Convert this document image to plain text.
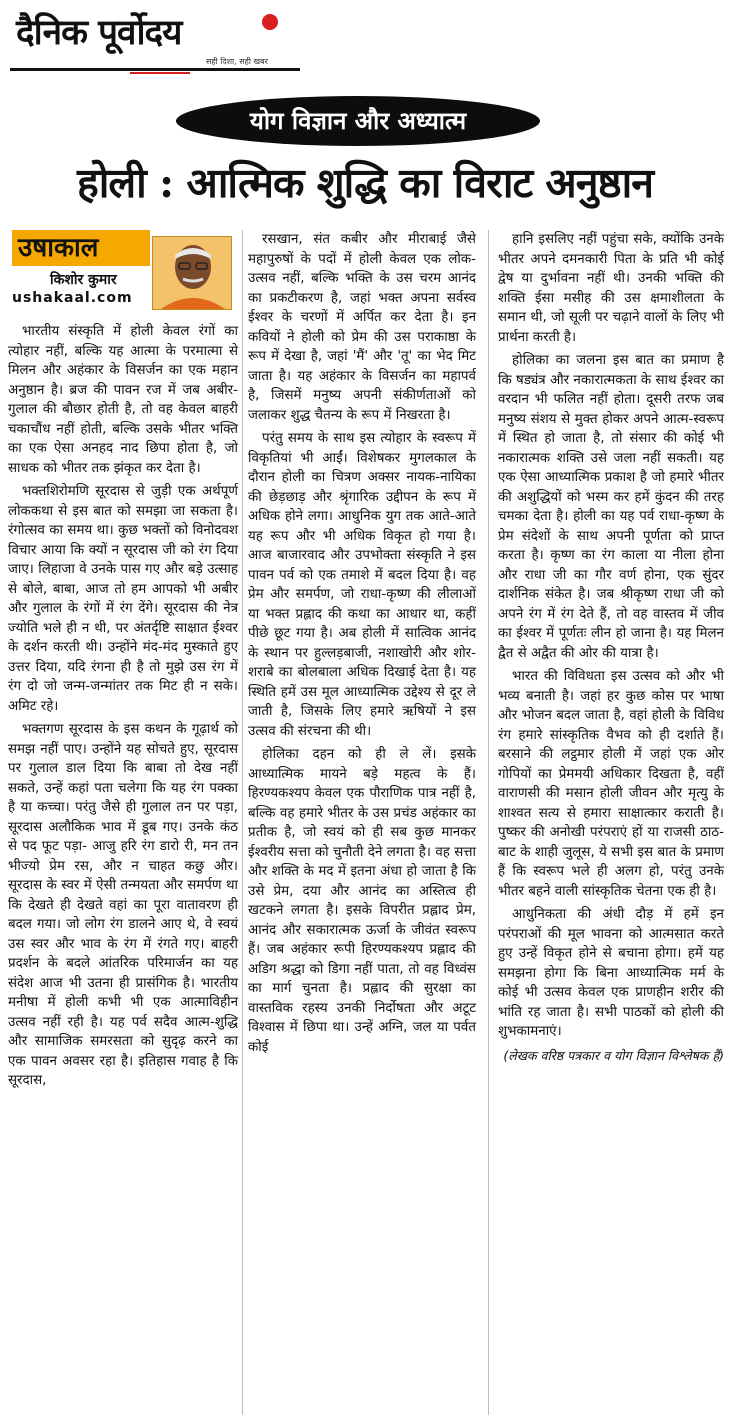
दैनिक पूर्वोदय
सही दिशा, सही खबर
योग विज्ञान और अध्यात्म
होली : आत्मिक शुद्धि का विराट अनुष्ठान
उषाकाल
किशोर कुमार
ushakaal.com

भारतीय संस्कृति में होली केवल रंगों का त्योहार नहीं, बल्कि यह आत्मा के परमात्मा से मिलन और अहंकार के विसर्जन का एक महान अनुष्ठान है। ब्रज की पावन रज में जब अबीर-गुलाल की बौछार होती है, तो वह केवल बाहरी चकाचौंध नहीं होती, बल्कि उसके भीतर भक्ति का एक ऐसा अनहद नाद छिपा होता है, जो साधक को भीतर तक झंकृत कर देता है।

भक्तशिरोमणि सूरदास से जुड़ी एक अर्थपूर्ण लोककथा से इस बात को समझा जा सकता है। रंगोत्सव का समय था। कुछ भक्तों को विनोदवश विचार आया कि क्यों न सूरदास जी को रंग दिया जाए। लिहाजा वे उनके पास गए और बड़े उत्साह से बोले, बाबा, आज तो हम आपको भी अबीर और गुलाल के रंगों में रंग देंगे। सूरदास की नेत्र ज्योति भले ही न थी, पर अंतर्दृष्टि साक्षात ईश्वर के दर्शन करती थी। उन्होंने मंद-मंद मुस्काते हुए उत्तर दिया, यदि रंगना ही है तो मुझे उस रंग में रंग दो जो जन्म-जन्मांतर तक मिट ही न सके। अमिट रहे।

भक्तगण सूरदास के इस कथन के गूढ़ार्थ को समझ नहीं पाए। उन्होंने यह सोचते हुए, सूरदास पर गुलाल डाल दिया कि बाबा तो देख नहीं सकते, उन्हें कहां पता चलेगा कि यह रंग पक्का है या कच्चा। परंतु जैसे ही गुलाल तन पर पड़ा, सूरदास अलौकिक भाव में डूब गए। उनके कंठ से पद फूट पड़ा- आजु हरि रंग डारो री, मन तन भीज्यो प्रेम रस, और न चाहत कछु और। सूरदास के स्वर में ऐसी तन्मयता और समर्पण था कि देखते ही देखते वहां का पूरा वातावरण ही बदल गया। जो लोग रंग डालने आए थे, वे स्वयं उस स्वर और भाव के रंग में रंगते गए। बाहरी प्रदर्शन के बदले आंतरिक परिमार्जन का यह संदेश आज भी उतना ही प्रासंगिक है। भारतीय मनीषा में होली कभी भी एक आत्माविहीन उत्सव नहीं रही है। यह पर्व सदैव आत्म-शुद्धि और सामाजिक समरसता को सुदृढ़ करने का एक पावन अवसर रहा है। इतिहास गवाह है कि सूरदास,

रसखान, संत कबीर और मीराबाई जैसे महापुरुषों के पदों में होली केवल एक लोक-उत्सव नहीं, बल्कि भक्ति के उस चरम आनंद का प्रकटीकरण है, जहां भक्त अपना सर्वस्व ईश्वर के चरणों में अर्पित कर देता है। इन कवियों ने होली को प्रेम की उस पराकाष्ठा के रूप में देखा है, जहां 'मैं' और 'तू' का भेद मिट जाता है। यह अहंकार के विसर्जन का महापर्व है, जिसमें मनुष्य अपनी संकीर्णताओं को जलाकर शुद्ध चैतन्य के रूप में निखरता है।

परंतु समय के साथ इस त्योहार के स्वरूप में विकृतियां भी आईं। विशेषकर मुगलकाल के दौरान होली का चित्रण अक्सर नायक-नायिका की छेड़छाड़ और श्रृंगारिक उद्दीपन के रूप में अधिक होने लगा। आधुनिक युग तक आते-आते यह रूप और भी अधिक विकृत हो गया है। आज बाजारवाद और उपभोक्ता संस्कृति ने इस पावन पर्व को एक तमाशे में बदल दिया है। वह प्रेम और समर्पण, जो राधा-कृष्ण की लीलाओं या भक्त प्रह्लाद की कथा का आधार था, कहीं पीछे छूट गया है। अब होली में सात्विक आनंद के स्थान पर हुल्लड़बाजी, नशाखोरी और शोर-शराबे का बोलबाला अधिक दिखाई देता है। यह स्थिति हमें उस मूल आध्यात्मिक उद्देश्य से दूर ले जाती है, जिसके लिए हमारे ऋषियों ने इस उत्सव की संरचना की थी।

होलिका दहन को ही ले लें। इसके आध्यात्मिक मायने बड़े महत्व के हैं। हिरण्यकश्यप केवल एक पौराणिक पात्र नहीं है, बल्कि वह हमारे भीतर के उस प्रचंड अहंकार का प्रतीक है, जो स्वयं को ही सब कुछ मानकर ईश्वरीय सत्ता को चुनौती देने लगता है। वह सत्ता और शक्ति के मद में इतना अंधा हो जाता है कि उसे प्रेम, दया और आनंद का अस्तित्व ही खटकने लगता है। इसके विपरीत प्रह्लाद प्रेम, आनंद और सकारात्मक ऊर्जा के जीवंत स्वरूप हैं। जब अहंकार रूपी हिरण्यकश्यप प्रह्लाद की अडिग श्रद्धा को डिगा नहीं पाता, तो वह विध्वंस का मार्ग चुनता है। प्रह्लाद की सुरक्षा का वास्तविक रहस्य उनकी निर्दोषता और अटूट विश्वास में छिपा था। उन्हें अग्नि, जल या पर्वत कोई

हानि इसलिए नहीं पहुंचा सके, क्योंकि उनके भीतर अपने दमनकारी पिता के प्रति भी कोई द्वेष या दुर्भावना नहीं थी। उनकी भक्ति की शक्ति ईसा मसीह की उस क्षमाशीलता के समान थी, जो सूली पर चढ़ाने वालों के लिए भी प्रार्थना करती है।

होलिका का जलना इस बात का प्रमाण है कि षड्यंत्र और नकारात्मकता के साथ ईश्वर का वरदान भी फलित नहीं होता। दूसरी तरफ जब मनुष्य संशय से मुक्त होकर अपने आत्म-स्वरूप में स्थित हो जाता है, तो संसार की कोई भी नकारात्मक शक्ति उसे जला नहीं सकती। यह एक ऐसा आध्यात्मिक प्रकाश है जो हमारे भीतर की अशुद्धियों को भस्म कर हमें कुंदन की तरह चमका देता है। होली का यह पर्व राधा-कृष्ण के प्रेम संदेशों के साथ अपनी पूर्णता को प्राप्त करता है। कृष्ण का रंग काला या नीला होना और राधा जी का गौर वर्ण होना, एक सुंदर दार्शनिक संकेत है। जब श्रीकृष्ण राधा जी को अपने रंग में रंग देते हैं, तो वह वास्तव में जीव का ईश्वर में पूर्णतः लीन हो जाना है। यह मिलन द्वैत से अद्वैत की ओर की यात्रा है।

भारत की विविधता इस उत्सव को और भी भव्य बनाती है। जहां हर कुछ कोस पर भाषा और भोजन बदल जाता है, वहां होली के विविध रंग हमारे सांस्कृतिक वैभव को ही दर्शाते हैं। बरसाने की लट्ठमार होली में जहां एक ओर गोपियों का प्रेममयी अधिकार दिखता है, वहीं वाराणसी की मसान होली जीवन और मृत्यु के शाश्वत सत्य से हमारा साक्षात्कार कराती है। पुष्कर की अनोखी परंपराएं हों या राजसी ठाठ-बाट के शाही जुलूस, ये सभी इस बात के प्रमाण हैं कि स्वरूप भले ही अलग हो, परंतु उनके भीतर बहने वाली सांस्कृतिक चेतना एक ही है।

आधुनिकता की अंधी दौड़ में हमें इन परंपराओं की मूल भावना को आत्मसात करते हुए उन्हें विकृत होने से बचाना होगा। हमें यह समझना होगा कि बिना आध्यात्मिक मर्म के कोई भी उत्सव केवल एक प्राणहीन शरीर की भांति रह जाता है। सभी पाठकों को होली की शुभकामनाएं।

(लेखक वरिष्ठ पत्रकार व योग विज्ञान विश्लेषक हैं)
